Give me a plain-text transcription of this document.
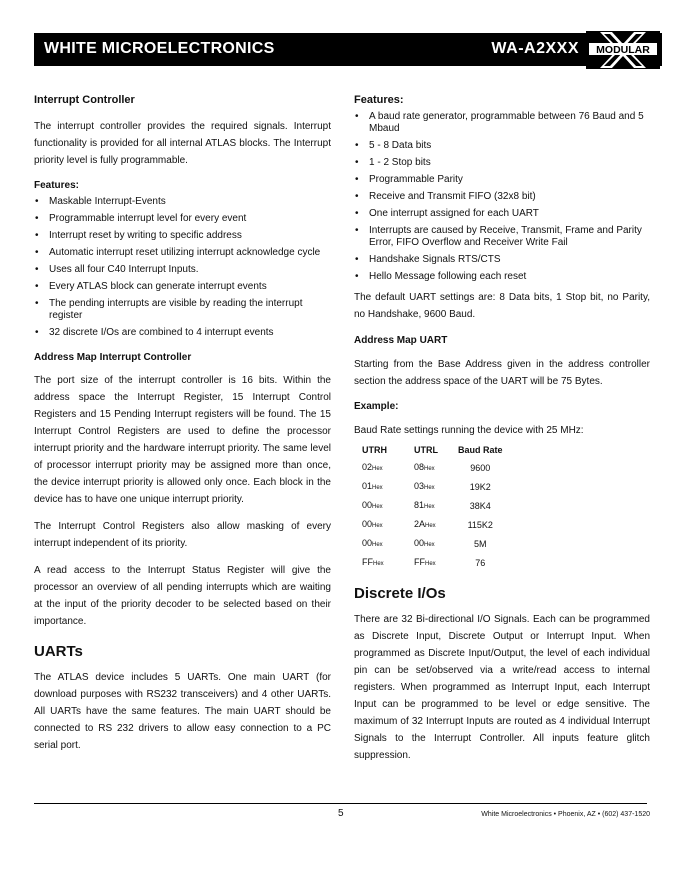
WHITE MICROELECTRONICS	WA-A2XXX MODULAR

Interrupt Controller

The interrupt controller provides the required signals. Interrupt functionality is provided for all internal ATLAS blocks. The Interrupt priority level is fully programmable.

Features:

• Maskable Interrupt-Events
• Programmable interrupt level for every event
• Interrupt reset by writing to specific address
• Automatic interrupt reset utilizing interrupt acknowledge cycle
• Uses all four C40 Interrupt Inputs.
• Every ATLAS block can generate interrupt events
• The pending interrupts are visible by reading the interrupt register
• 32 discrete I/Os are combined to 4 interrupt events

Address Map Interrupt Controller

The port size of the interrupt controller is 16 bits. Within the address space the Interrupt Register, 15 Interrupt Control Registers and 15 Pending Interrupt registers will be found. The 15 Interrupt Control Registers are used to define the processor interrupt priority and the hardware interrupt priority. The same level of processor interrupt priority may be assigned more than once, the device interrupt priority is allowed only once. Each block in the device has to have one unique interrupt priority.

The Interrupt Control Registers also allow masking of every interrupt independent of its priority.

A read access to the Interrupt Status Register will give the processor an overview of all pending interrupts which are waiting at the input of the priority decoder to be selected based on their importance.

UARTs

The ATLAS device includes 5 UARTs. One main UART (for download purposes with RS232 transceivers) and 4 other UARTs. All UARTs have the same features. The main UART should be connected to RS 232 drivers to allow easy connection to a PC serial port.

Features:

• A baud rate generator, programmable between 76 Baud and 5 Mbaud
• 5 - 8 Data bits
• 1 - 2 Stop bits
• Programmable Parity
• Receive and Transmit FIFO (32x8 bit)
• One interrupt assigned for each UART
• Interrupts are caused by Receive, Transmit, Frame and Parity Error, FIFO Overflow and Receiver Write Fail
• Handshake Signals RTS/CTS
• Hello Message following each reset

The default UART settings are: 8 Data bits, 1 Stop bit, no Parity, no Handshake, 9600 Baud.

Address Map UART

Starting from the Base Address given in the address controller section the address space of the UART will be 75 Bytes.

Example:

Baud Rate settings running the device with 25 MHz:

UTRH	UTRL	Baud Rate
02Hex	08Hex	9600
01Hex	03Hex	19K2
00Hex	81Hex	38K4
00Hex	2AHex	115K2
00Hex	00Hex	5M
FFHex	FFHex	76

Discrete I/Os

There are 32 Bi-directional I/O Signals. Each can be programmed as Discrete Input, Discrete Output or Interrupt Input. When programmed as Discrete Input/Output, the level of each individual pin can be set/observed via a write/read access to internal registers. When programmed as Interrupt Input, each Interrupt Input can be programmed to be level or edge sensitive. The maximum of 32 Interrupt Inputs are routed as 4 individual Interrupt Signals to the Interrupt Controller. All inputs feature glitch suppression.

5	White Microelectronics • Phoenix, AZ • (602) 437-1520
